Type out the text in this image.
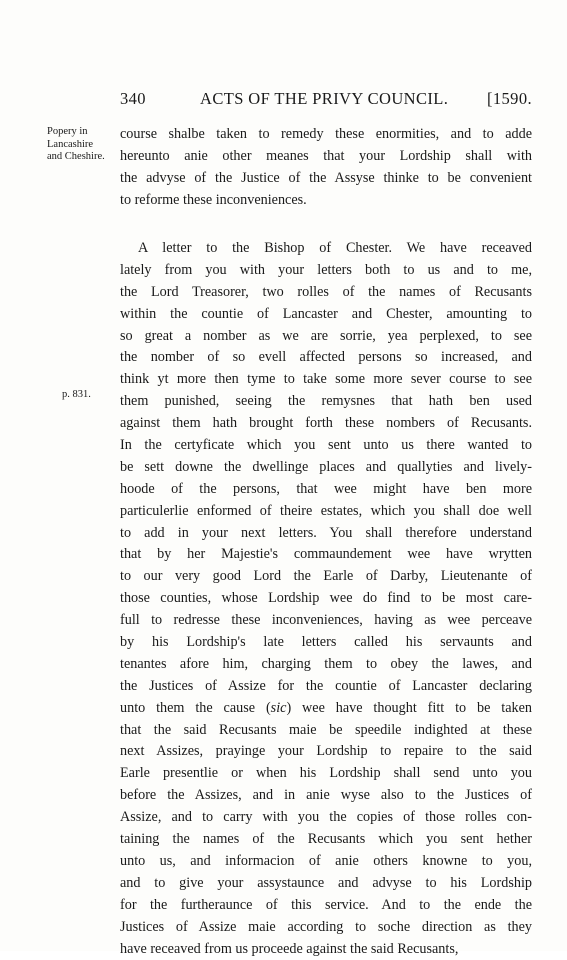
340	ACTS OF THE PRIVY COUNCIL. [1590.
Popery in
Lancashire
and Cheshire.
p. 831.
course shalbe taken to remedy these enormities, and to adde
hereunto anie other meanes that your Lordship shall with
the advyse of the Justice of the Assyse thinke to be convenient
to reforme these inconveniences.
A letter to the Bishop of Chester. We have receaved
lately from you with your letters both to us and to me,
the Lord Treasorer, two rolles of the names of Recusants
within the countie of Lancaster and Chester, amounting to
so great a nomber as we are sorrie, yea perplexed, to see
the nomber of so evell affected persons so increased, and
think yt more then tyme to take some more sever course to see
them punished, seeing the remysnes that hath ben used
against them hath brought forth these nombers of Recusants.
In the certyficate which you sent unto us there wanted to
be sett downe the dwellinge places and quallyties and lively-
hoode of the persons, that wee might have ben more
particulerlie enformed of theire estates, which you shall doe well
to add in your next letters. You shall therefore understand
that by her Majestie's commaundement wee have wrytten
to our very good Lord the Earle of Darby, Lieutenante of
those counties, whose Lordship wee do find to be most care-
full to redresse these inconveniences, having as wee perceave
by his Lordship's late letters called his servaunts and
tenantes afore him, charging them to obey the lawes, and
the Justices of Assize for the countie of Lancaster declaring
unto them the cause (sic) wee have thought fitt to be taken
that the said Recusants maie be speedile indighted at these
next Assizes, prayinge your Lordship to repaire to the said
Earle presentlie or when his Lordship shall send unto you
before the Assizes, and in anie wyse also to the Justices of
Assize, and to carry with you the copies of those rolles con-
taining the names of the Recusants which you sent hether
unto us, and informacion of anie others knowne to you,
and to give your assystaunce and advyse to his Lordship
for the furtheraunce of this service. And to the ende the
Justices of Assize maie according to soche direction as they
have receaved from us proceede against the said Recusants,
